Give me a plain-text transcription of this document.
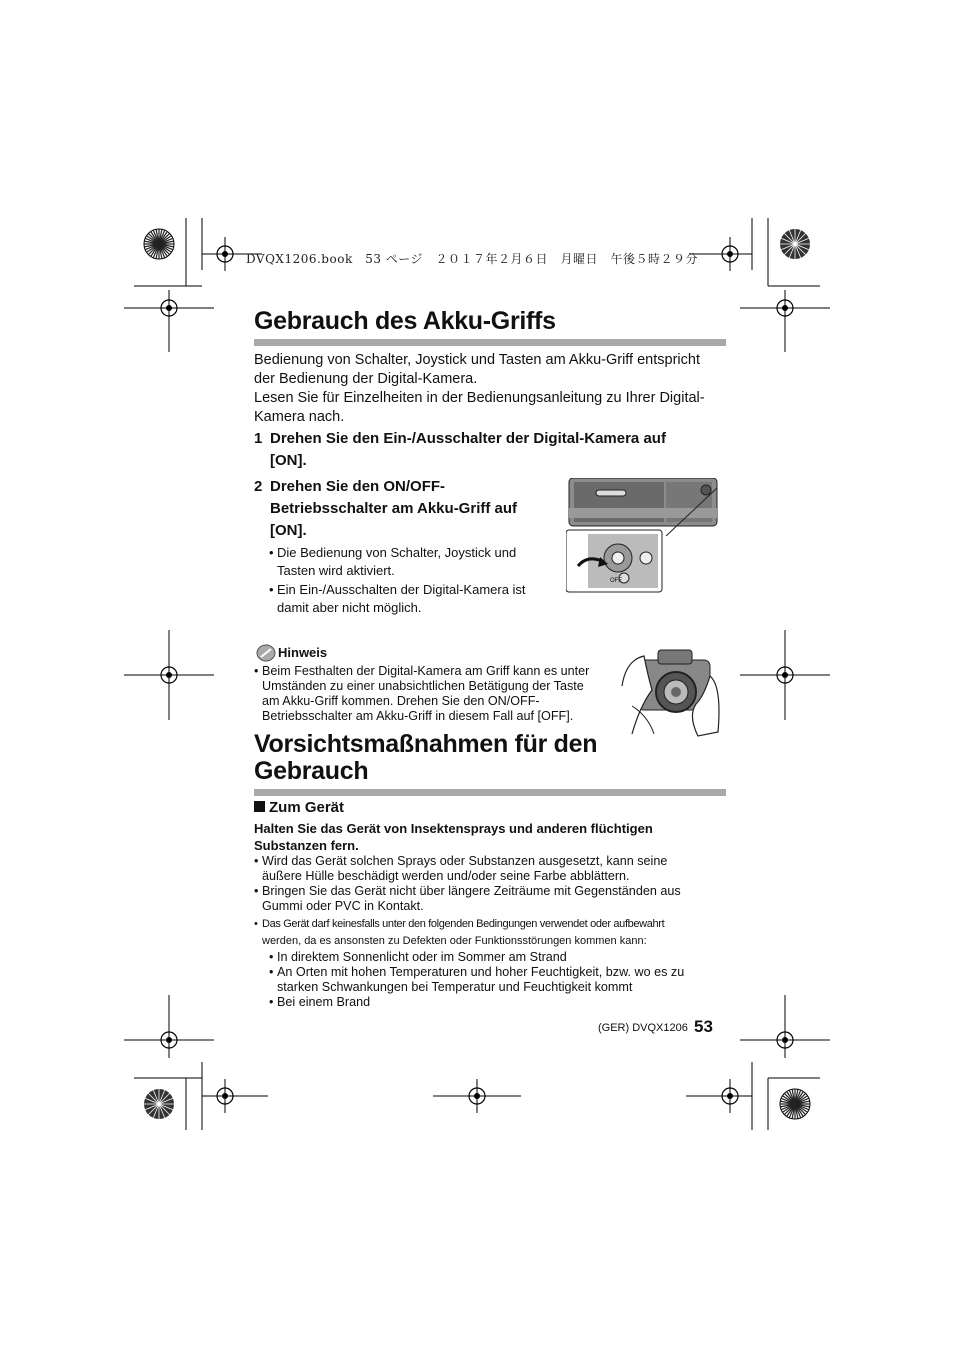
DVQX1206.book　53 ページ　２０１７年２月６日　月曜日　午後５時２９分
Gebrauch des Akku-Griffs
Bedienung von Schalter, Joystick und Tasten am Akku-Griff entspricht
der Bedienung der Digital-Kamera.
Lesen Sie für Einzelheiten in der Bedienungsanleitung zu Ihrer Digital-
Kamera nach.
1 Drehen Sie den Ein-/Ausschalter der Digital-Kamera auf
[ON].
2 Drehen Sie den ON/OFF-
Betriebsschalter am Akku-Griff auf
[ON].
• Die Bedienung von Schalter, Joystick und
Tasten wird aktiviert.
• Ein Ein-/Ausschalten der Digital-Kamera ist
damit aber nicht möglich.
OFF
Hinweis
• Beim Festhalten der Digital-Kamera am Griff kann es unter
Umständen zu einer unabsichtlichen Betätigung der Taste
am Akku-Griff kommen. Drehen Sie den ON/OFF-
Betriebsschalter am Akku-Griff in diesem Fall auf [OFF].
Vorsichtsmaßnahmen für den
Gebrauch
Zum Gerät
Halten Sie das Gerät von Insektensprays und anderen flüchtigen
Substanzen fern.
• Wird das Gerät solchen Sprays oder Substanzen ausgesetzt, kann seine
äußere Hülle beschädigt werden und/oder seine Farbe abblättern.
• Bringen Sie das Gerät nicht über längere Zeiträume mit Gegenständen aus
Gummi oder PVC in Kontakt.
• Das Gerät darf keinesfalls unter den folgenden Bedingungen verwendet oder aufbewahrt
werden, da es ansonsten zu Defekten oder Funktionsstörungen kommen kann:
• In direktem Sonnenlicht oder im Sommer am Strand
• An Orten mit hohen Temperaturen und hoher Feuchtigkeit, bzw. wo es zu
starken Schwankungen bei Temperatur und Feuchtigkeit kommt
• Bei einem Brand
(GER) DVQX1206 53
